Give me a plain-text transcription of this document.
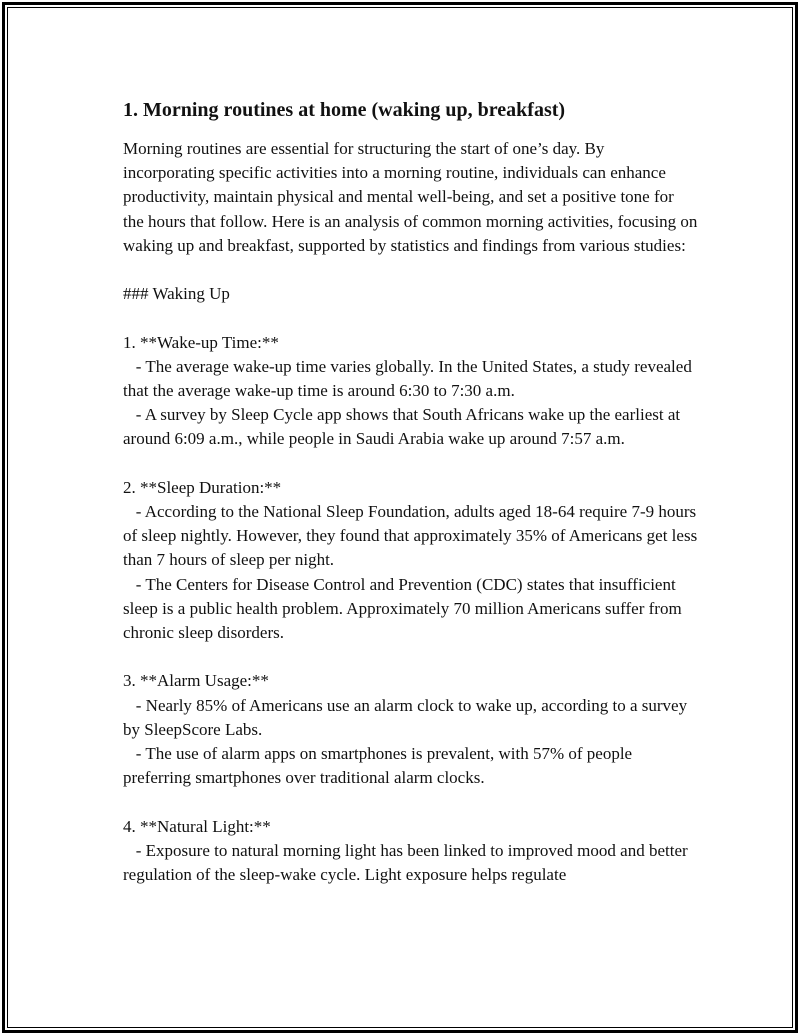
1. Morning routines at home (waking up, breakfast)

Morning routines are essential for structuring the start of one’s day. By incorporating specific activities into a morning routine, individuals can enhance productivity, maintain physical and mental well-being, and set a positive tone for the hours that follow. Here is an analysis of common morning activities, focusing on waking up and breakfast, supported by statistics and findings from various studies:

### Waking Up

1. **Wake-up Time:**
- The average wake-up time varies globally. In the United States, a study revealed that the average wake-up time is around 6:30 to 7:30 a.m.
- A survey by Sleep Cycle app shows that South Africans wake up the earliest at around 6:09 a.m., while people in Saudi Arabia wake up around 7:57 a.m.

2. **Sleep Duration:**
- According to the National Sleep Foundation, adults aged 18-64 require 7-9 hours of sleep nightly. However, they found that approximately 35% of Americans get less than 7 hours of sleep per night.
- The Centers for Disease Control and Prevention (CDC) states that insufficient sleep is a public health problem. Approximately 70 million Americans suffer from chronic sleep disorders.

3. **Alarm Usage:**
- Nearly 85% of Americans use an alarm clock to wake up, according to a survey by SleepScore Labs.
- The use of alarm apps on smartphones is prevalent, with 57% of people preferring smartphones over traditional alarm clocks.

4. **Natural Light:**
- Exposure to natural morning light has been linked to improved mood and better regulation of the sleep-wake cycle. Light exposure helps regulate
